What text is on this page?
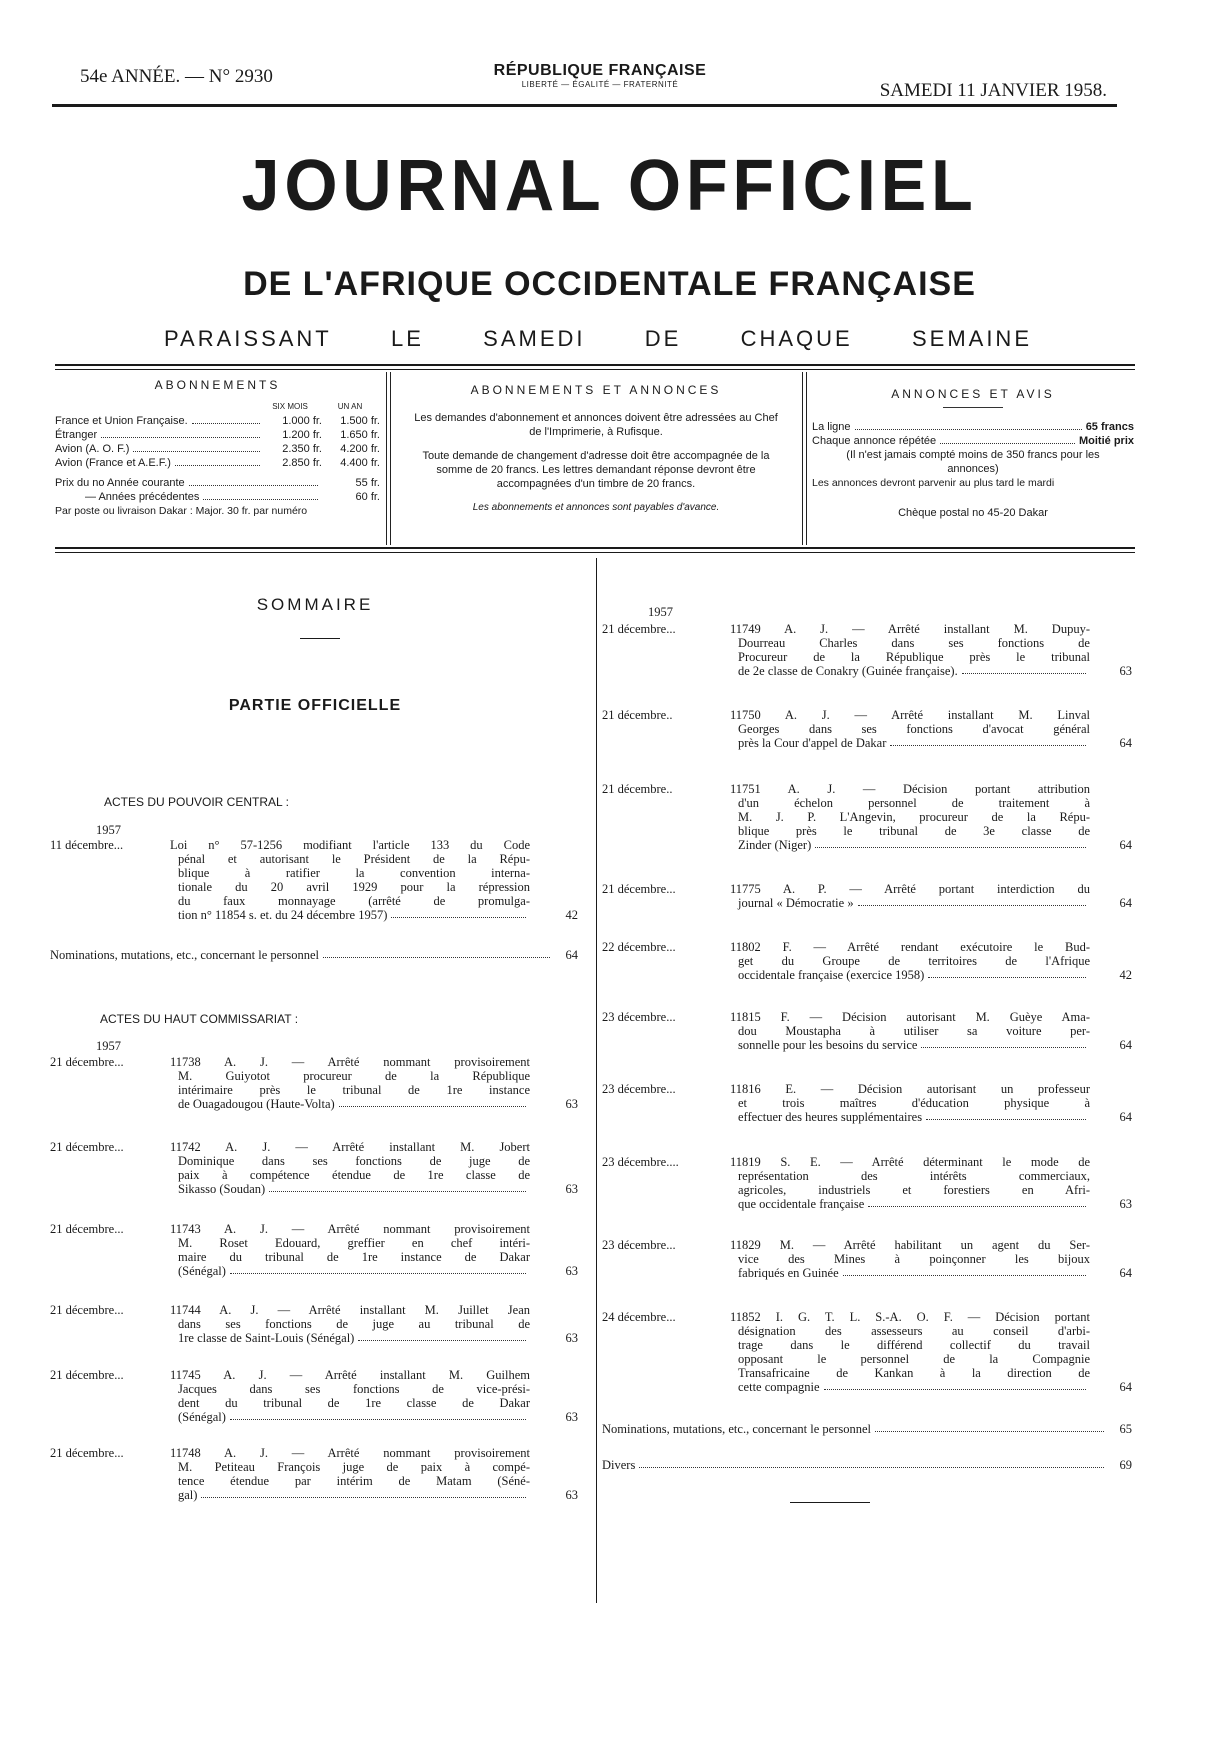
54e ANNÉE. — N° 2930	RÉPUBLIQUE FRANÇAISE
LIBERTÉ — ÉGALITÉ — FRATERNITÉ	SAMEDI 11 JANVIER 1958.
JOURNAL OFFICIEL
DE L'AFRIQUE OCCIDENTALE FRANÇAISE
PARAISSANT	LE	SAMEDI	DE	CHAQUE	SEMAINE
ABONNEMENTS
SIX MOIS	UN AN
France et Union Française.	1.000 fr.	1.500 fr.
Étranger	1.200 fr.	1.650 fr.
Avion (A. O. F.)	2.350 fr.	4.200 fr.
Avion (France et A.E.F.)	2.850 fr.	4.400 fr.
Prix du no Année courante	55 fr.
— Années précédentes	60 fr.
Par poste ou livraison Dakar : Major. 30 fr. par numéro
ABONNEMENTS ET ANNONCES
Les demandes d'abonnement et annonces doivent être adressées au Chef de l'Imprimerie, à Rufisque.
Toute demande de changement d'adresse doit être accompagnée de la somme de 20 francs. Les lettres demandant réponse devront être accompagnées d'un timbre de 20 francs.
Les abonnements et annonces sont payables d'avance.
ANNONCES ET AVIS
La ligne	65 francs
Chaque annonce répétée	Moitié prix
(Il n'est jamais compté moins de 350 francs pour les annonces)
Les annonces devront parvenir au plus tard le mardi
Chèque postal no 45-20 Dakar
SOMMAIRE
PARTIE OFFICIELLE
ACTES DU POUVOIR CENTRAL :
1957
11 décembre...	Loi n° 57-1256 modifiant l'article 133 du Code
pénal et autorisant le Président de la Répu-
blique à ratifier la convention interna-
tionale du 20 avril 1929 pour la répression
du faux monnayage (arrêté de promulga-
tion n° 11854 s. et. du 24 décembre 1957)	42
21 décembre...	11738 A. J. — Arrêté nommant provisoirement
M. Guiyotot procureur de la République
intérimaire près le tribunal de 1re instance
de Ouagadougou (Haute-Volta)	63
21 décembre...	11742 A. J. — Arrêté installant M. Jobert
Dominique dans ses fonctions de juge de
paix à compétence étendue de 1re classe de
Sikasso (Soudan)	63
21 décembre...	11743 A. J. — Arrêté nommant provisoirement
M. Roset Edouard, greffier en chef intéri-
maire du tribunal de 1re instance de Dakar
(Sénégal)	63
21 décembre...	11744 A. J. — Arrêté installant M. Juillet Jean
dans ses fonctions de juge au tribunal de
1re classe de Saint-Louis (Sénégal)	63
21 décembre...	11745 A. J. — Arrêté installant M. Guilhem
Jacques dans ses fonctions de vice-prési-
dent du tribunal de 1re classe de Dakar
(Sénégal)	63
21 décembre...	11748 A. J. — Arrêté nommant provisoirement
M. Petiteau François juge de paix à compé-
tence étendue par intérim de Matam (Séné-
gal)	63
Nominations, mutations, etc., concernant le personnel	64
ACTES DU HAUT COMMISSARIAT :
1957
1957
21 décembre...	11749 A. J. — Arrêté installant M. Dupuy-
Dourreau Charles dans ses fonctions de
Procureur de la République près le tribunal
de 2e classe de Conakry (Guinée française).	63
21 décembre..	11750 A. J. — Arrêté installant M. Linval
Georges dans ses fonctions d'avocat général
près la Cour d'appel de Dakar	64
21 décembre..	11751 A. J. — Décision portant attribution
d'un échelon personnel de traitement à
M. J. P. L'Angevin, procureur de la Répu-
blique près le tribunal de 3e classe de
Zinder (Niger)	64
21 décembre...	11775 A. P. — Arrêté portant interdiction du
journal « Démocratie »	64
22 décembre...	11802 F. — Arrêté rendant exécutoire le Bud-
get du Groupe de territoires de l'Afrique
occidentale française (exercice 1958)	42
23 décembre...	11815 F. — Décision autorisant M. Guèye Ama-
dou Moustapha à utiliser sa voiture per-
sonnelle pour les besoins du service	64
23 décembre...	11816 E. — Décision autorisant un professeur
et trois maîtres d'éducation physique à
effectuer des heures supplémentaires	64
23 décembre....	11819 S. E. — Arrêté déterminant le mode de
représentation des intérêts commerciaux,
agricoles, industriels et forestiers en Afri-
que occidentale française	63
23 décembre...	11829 M. — Arrêté habilitant un agent du Ser-
vice des Mines à poinçonner les bijoux
fabriqués en Guinée	64
24 décembre...	11852 I. G. T. L. S.-A. O. F. — Décision portant
désignation des assesseurs au conseil d'arbi-
trage dans le différend collectif du travail
opposant le personnel de la Compagnie
Transafricaine de Kankan à la direction de
cette compagnie	64
Nominations, mutations, etc., concernant le personnel	65
Divers	69
